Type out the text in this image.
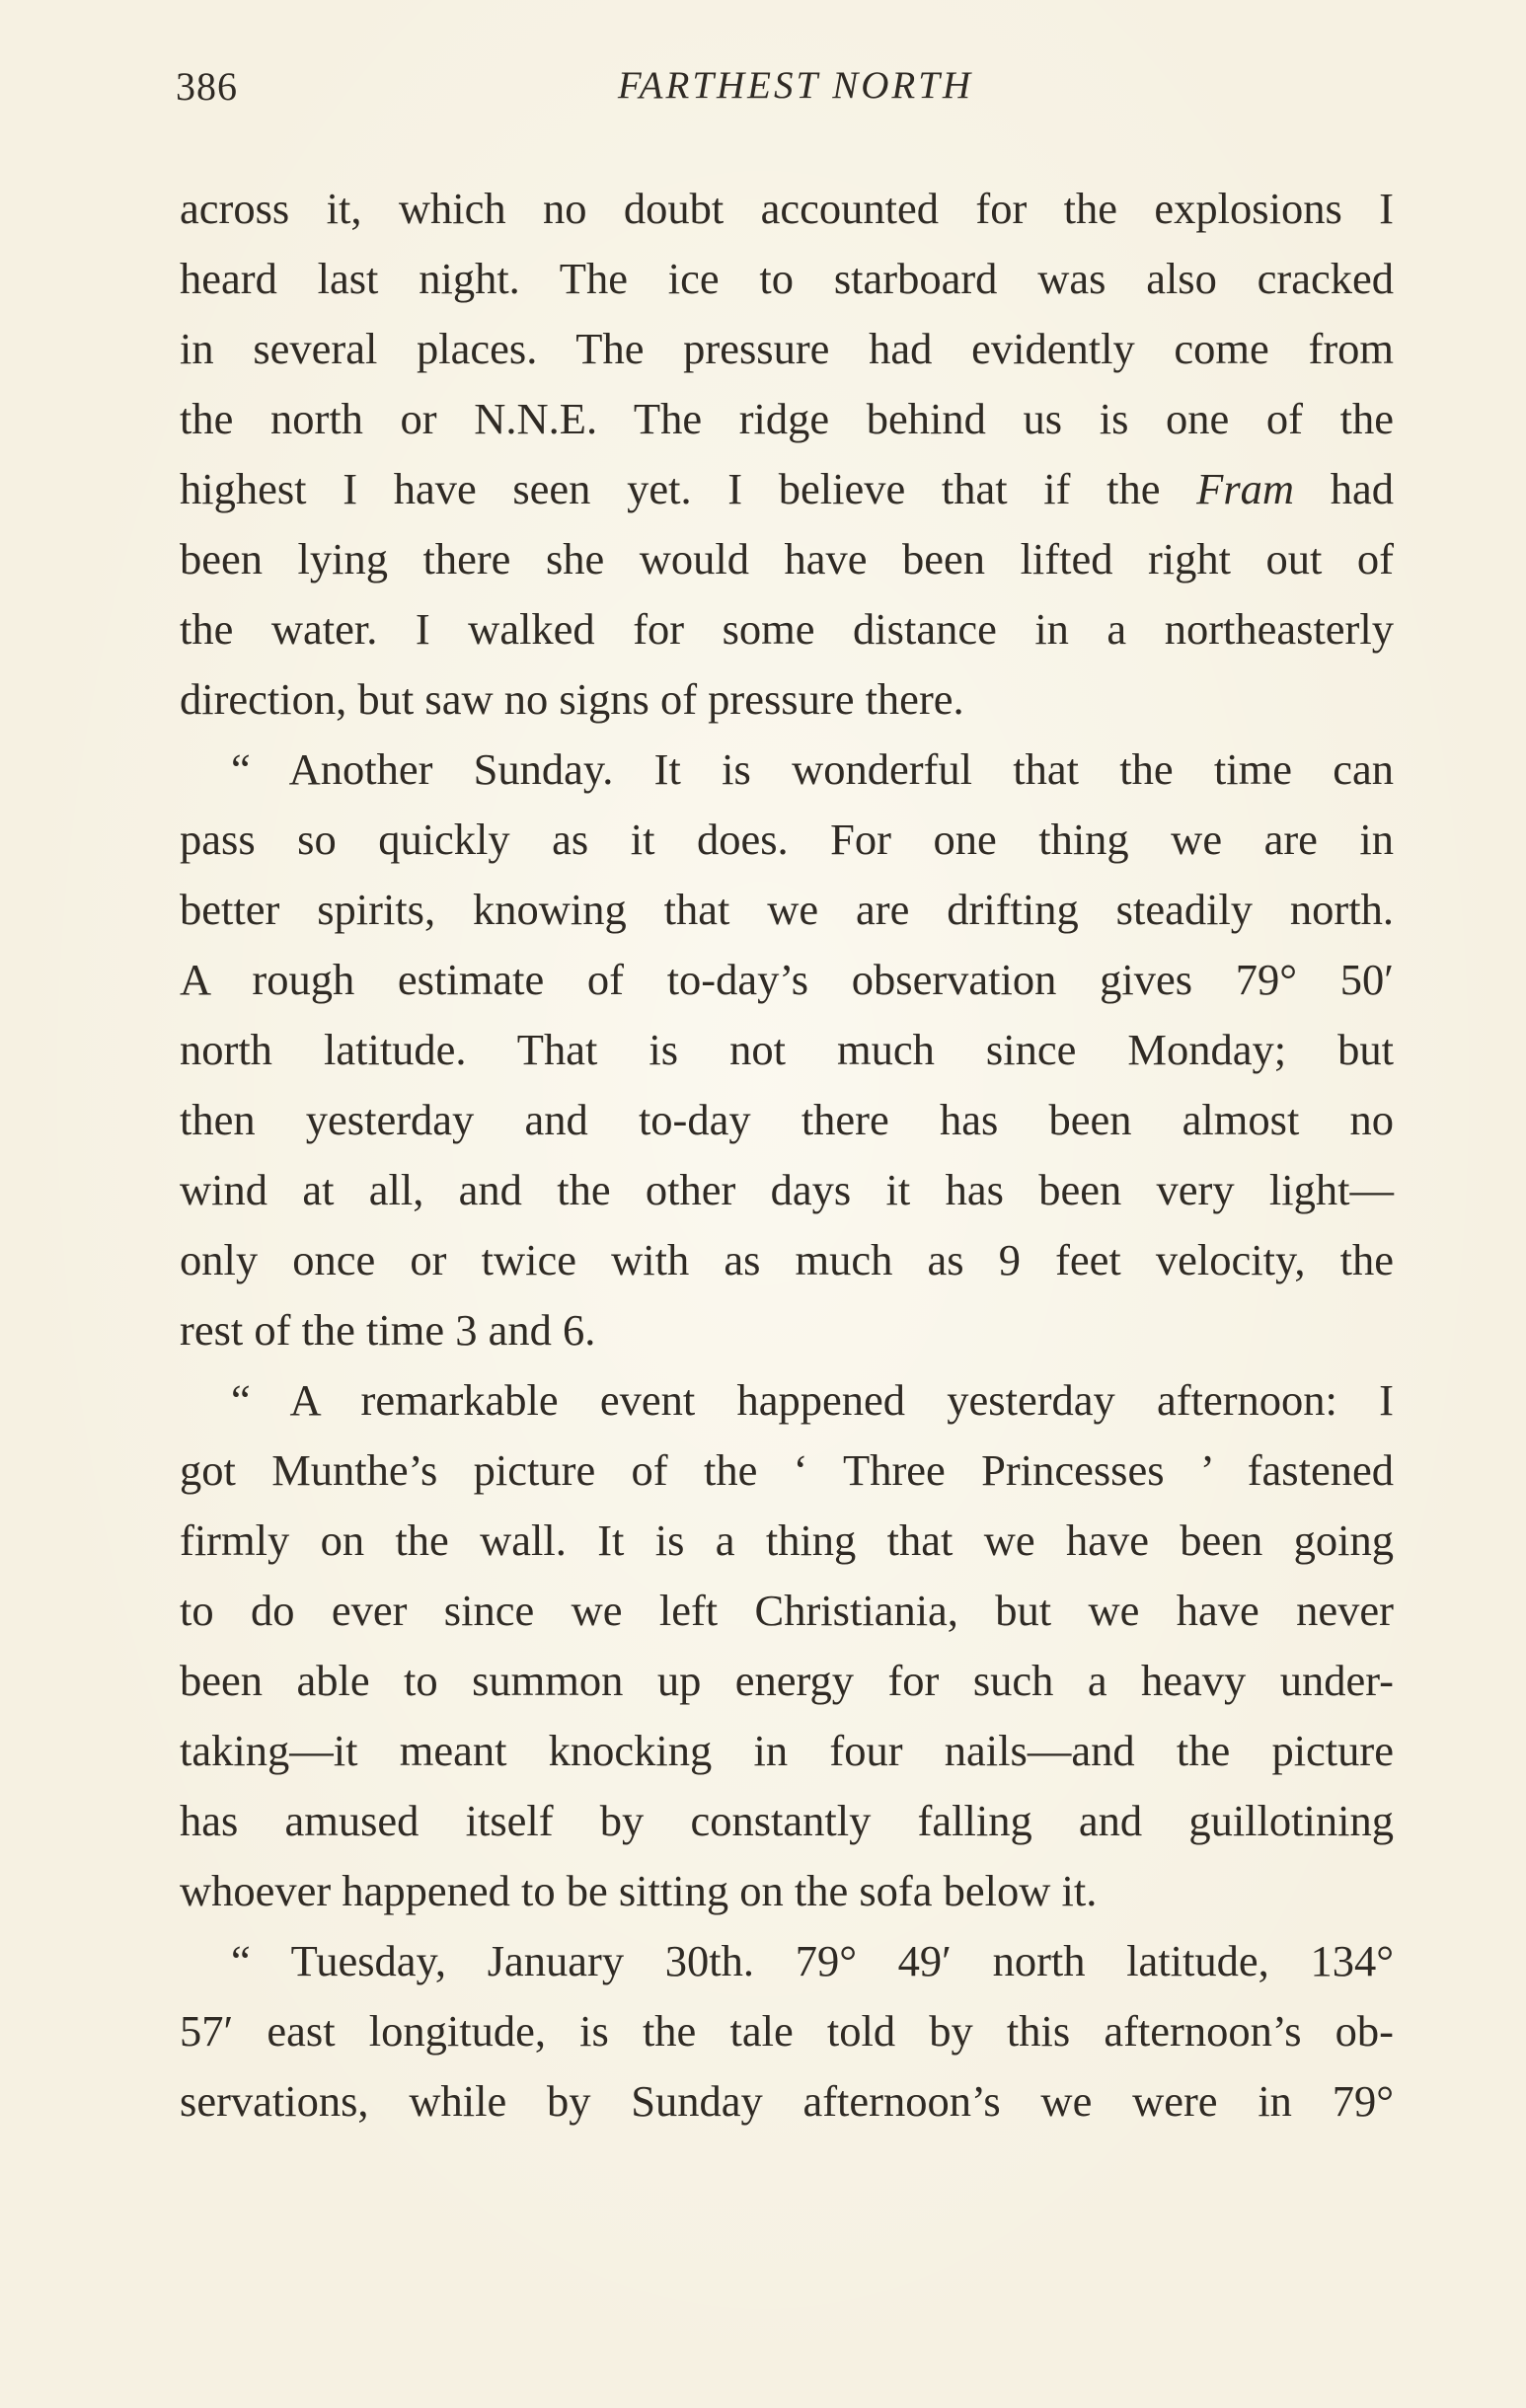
386	FARTHEST NORTH
across it, which no doubt accounted for the explosions I
heard last night. The ice to starboard was also cracked
in several places. The pressure had evidently come from
the north or N.N.E. The ridge behind us is one of the
highest I have seen yet. I believe that if the Fram had
been lying there she would have been lifted right out of
the water. I walked for some distance in a northeasterly
direction, but saw no signs of pressure there.
“ Another Sunday. It is wonderful that the time can
pass so quickly as it does. For one thing we are in
better spirits, knowing that we are drifting steadily north.
A rough estimate of to-day’s observation gives 79° 50′
north latitude. That is not much since Monday; but
then yesterday and to-day there has been almost no
wind at all, and the other days it has been very light—
only once or twice with as much as 9 feet velocity, the
rest of the time 3 and 6.
“ A remarkable event happened yesterday afternoon: I
got Munthe’s picture of the ‘ Three Princesses ’ fastened
firmly on the wall. It is a thing that we have been going
to do ever since we left Christiania, but we have never
been able to summon up energy for such a heavy under-
taking—it meant knocking in four nails—and the picture
has amused itself by constantly falling and guillotining
whoever happened to be sitting on the sofa below it.
“ Tuesday, January 30th. 79° 49′ north latitude, 134°
57′ east longitude, is the tale told by this afternoon’s ob-
servations, while by Sunday afternoon’s we were in 79°
